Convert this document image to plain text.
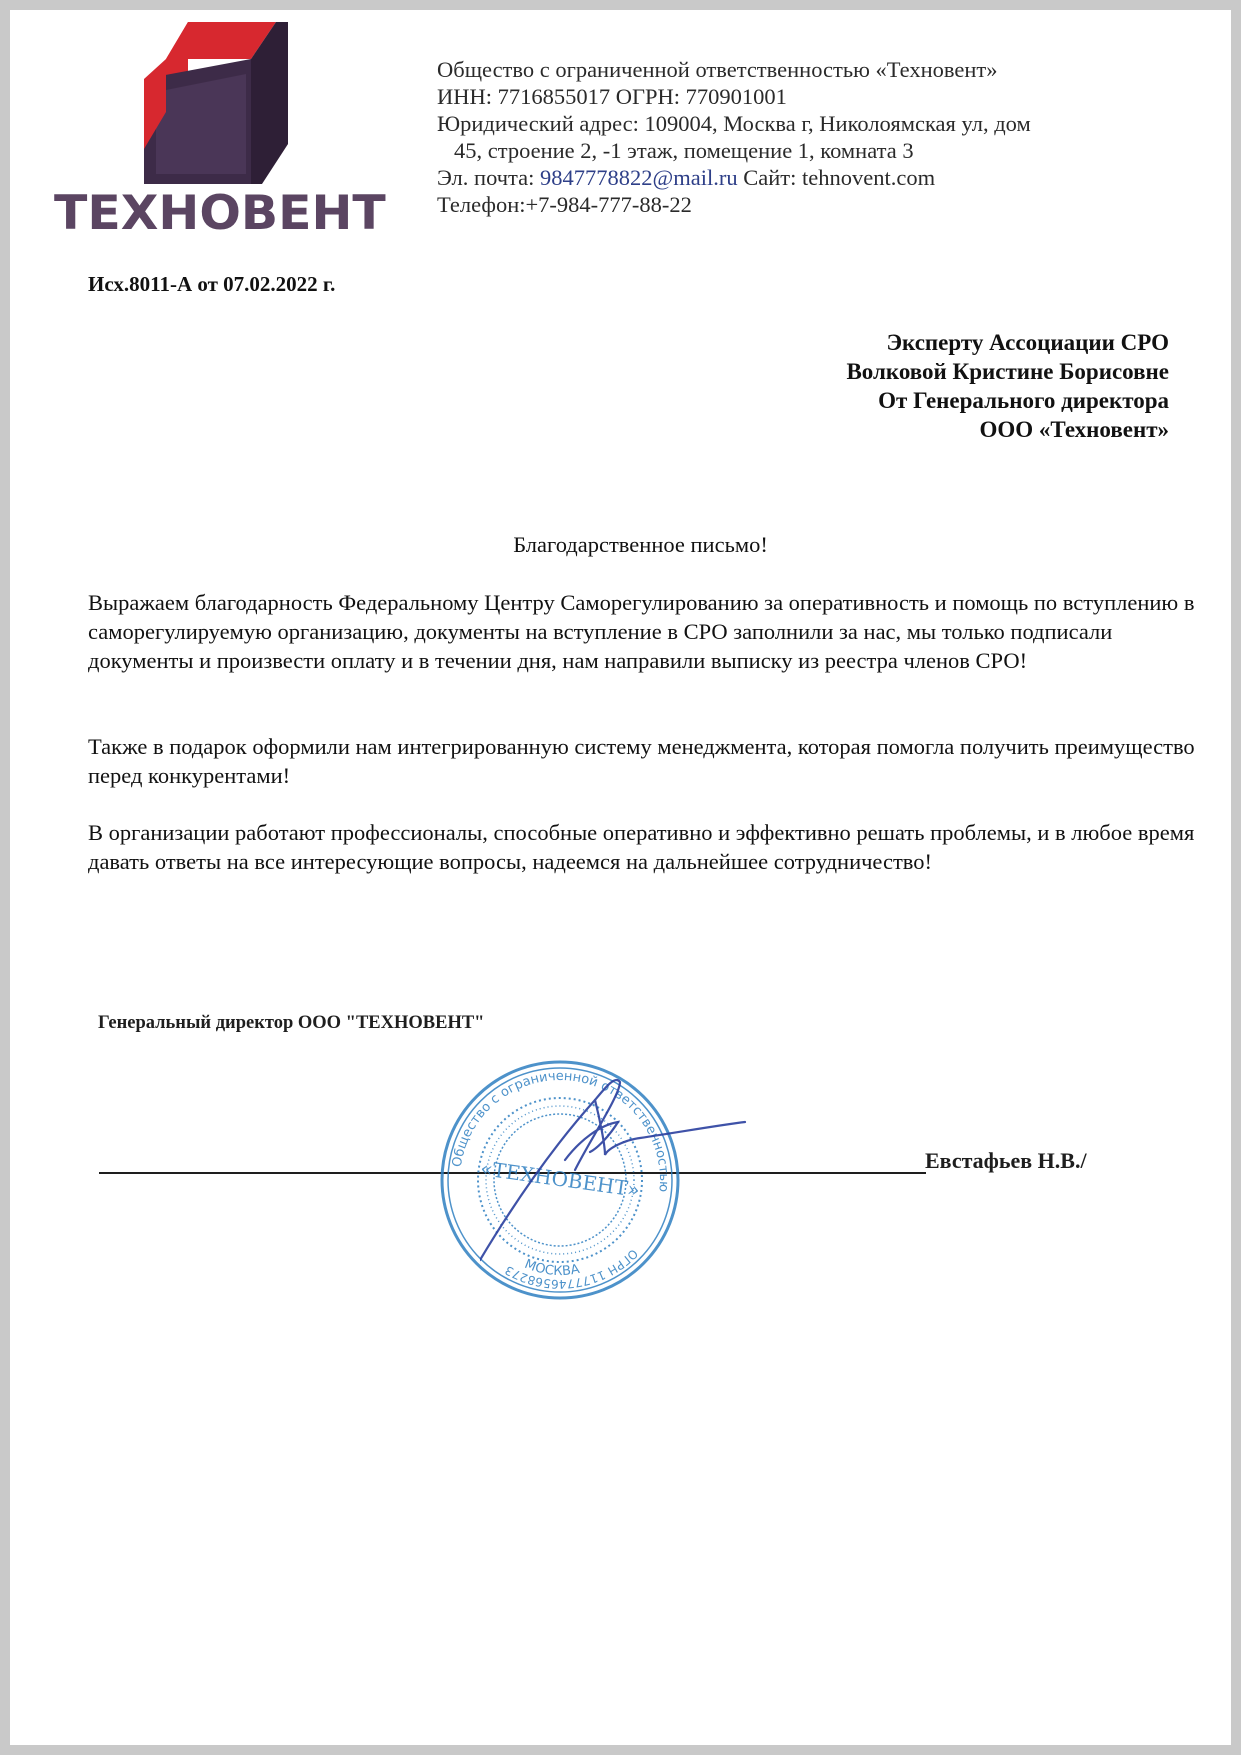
ТЕХНОВЕНТ
Общество с ограниченной ответственностью «Техновент»
ИНН: 7716855017 ОГРН: 770901001
Юридический адрес: 109004, Москва г, Николоямская ул, дом
45, строение 2, -1 этаж, помещение 1, комната 3
Эл. почта: 9847778822@mail.ru Сайт: tehnovent.com
Телефон:+7-984-777-88-22
Исх.8011-А от 07.02.2022 г.
Эксперту Ассоциации СРО
Волковой Кристине Борисовне
От Генерального директора
ООО «Техновент»
Благодарственное письмо!

Выражаем благодарность Федеральному Центру Саморегулированию за оперативность и помощь по вступлению в саморегулируемую организацию, документы на вступление в СРО заполнили за нас, мы только подписали документы и произвести оплату и в течении дня, нам направили выписку из реестра членов СРО!

Также в подарок оформили нам интегрированную систему менеджмента, которая помогла получить преимущество перед конкурентами!

В организации работают профессионалы, способные оперативно и эффективно решать проблемы, и в любое время давать ответы на все интересующие вопросы, надеемся на дальнейшее сотрудничество!

Генеральный директор ООО "ТЕХНОВЕНТ"
Евстафьев Н.В./
Общество с ограниченной ответственностью
ОГРН 1177746568273
«ТЕХНОВЕНТ»
МОСКВА
